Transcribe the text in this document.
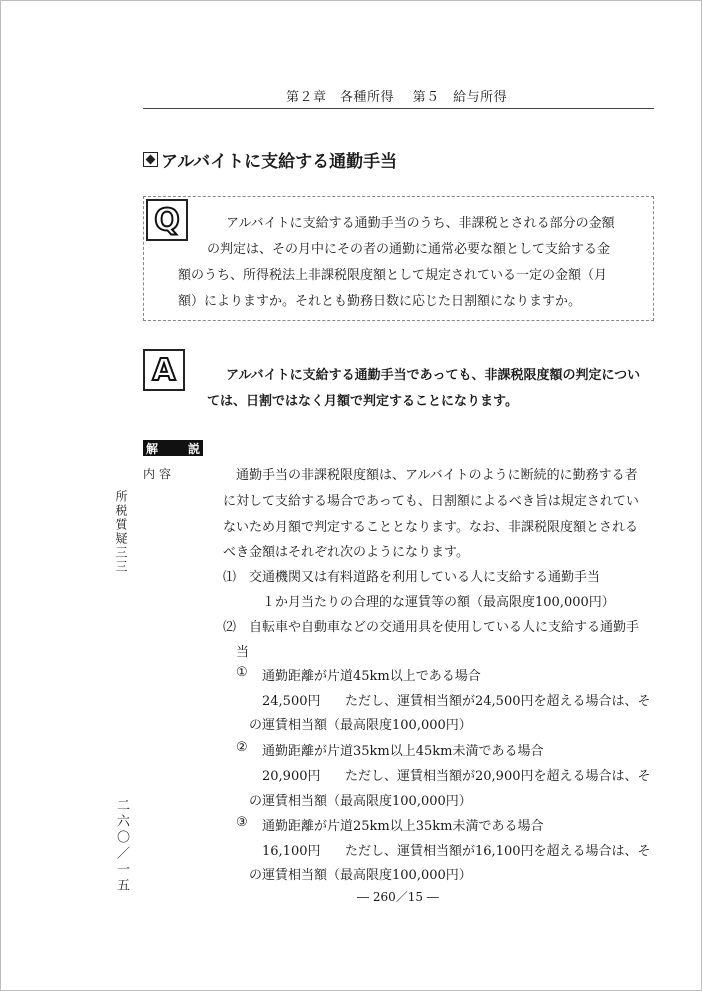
第２章　各種所得 第５　給与所得
アルバイトに支給する通勤手当
Q	アルバイトに支給する通勤手当のうち、非課税とされる部分の金額
の判定は、その月中にその者の通勤に通常必要な額として支給する金
額のうち、所得税法上非課税限度額として規定されている一定の金額（月
額）によりますか。それとも勤務日数に応じた日割額になりますか。
A	アルバイトに支給する通勤手当であっても、非課税限度額の判定につい
ては、日割ではなく月額で判定することになります。
解 説
内容	通勤手当の非課税限度額は、アルバイトのように断続的に勤務する者
に対して支給する場合であっても、日割額によるべき旨は規定されてい
ないため月額で判定することとなります。なお、非課税限度額とされる
べき金額はそれぞれ次のようになります。
⑴ 交通機関又は有料道路を利用している人に支給する通勤手当
１か月当たりの合理的な運賃等の額（最高限度100,000円）
⑵ 自転車や自動車などの交通用具を使用している人に支給する通勤手
当
① 通勤距離が片道45km以上である場合
24,500円 ただし、運賃相当額が24,500円を超える場合は、そ
の運賃相当額（最高限度100,000円）
② 通勤距離が片道35km以上45km未満である場合
20,900円 ただし、運賃相当額が20,900円を超える場合は、そ
の運賃相当額（最高限度100,000円）
③ 通勤距離が片道25km以上35km未満である場合
16,100円 ただし、運賃相当額が16,100円を超える場合は、そ
の運賃相当額（最高限度100,000円）
所税質疑三三
二六〇／一五
― 260／15 ―
